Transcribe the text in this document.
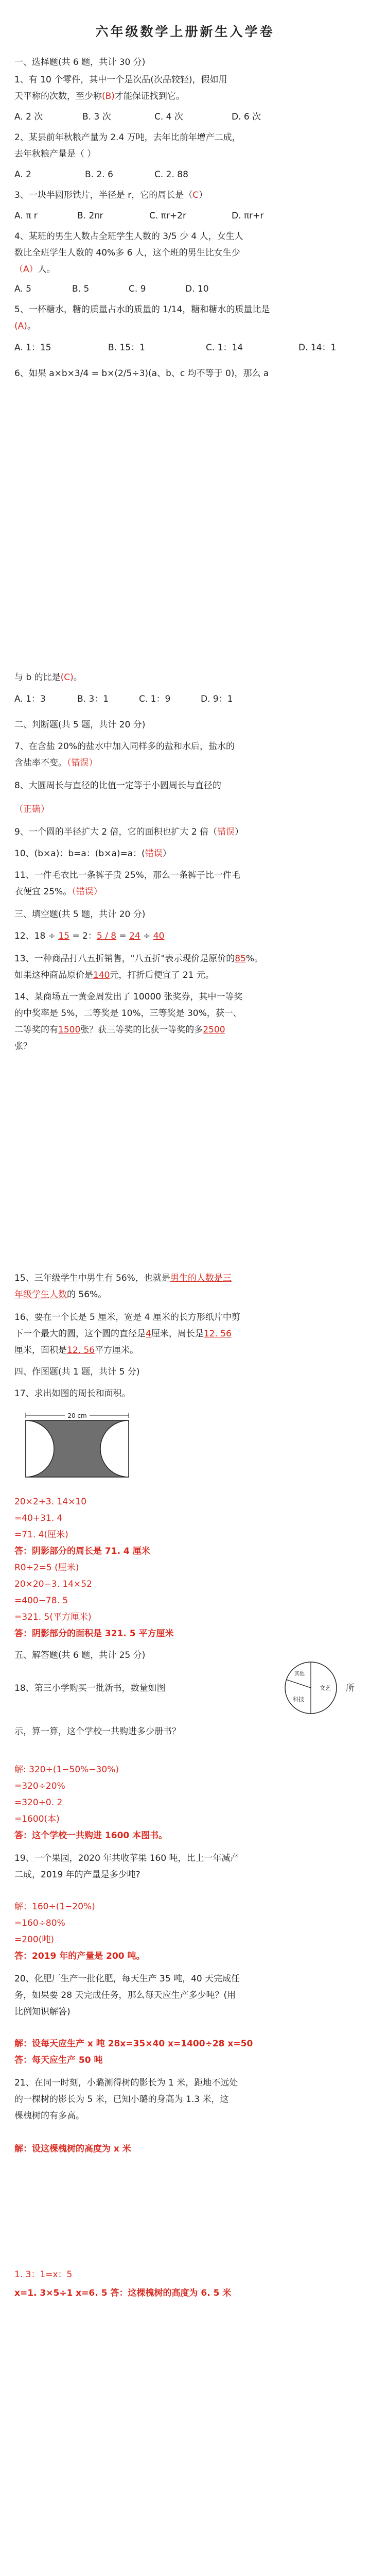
六年级数学上册新生入学卷
一、选择题(共 6 题，共计 30 分)
1、有 10 个零件，其中一个是次品(次品较轻)，假如用
天平称的次数，至少称(B)才能保证找到它。
A. 2 次	B. 3 次	C. 4 次	D. 6 次
2、某县前年秋粮产量为 2.4 万吨，去年比前年增产二成，
去年秋粮产量是（ ）
A. 2	B. 2. 6	C. 2. 88
3、一块半圆形铁片，半径是 r，它的周长是（C）
A. π r	B. 2πr	C. πr+2r	D. πr+r
4、某班的男生人数占全班学生人数的 3/5 少 4 人，女生人
数比全班学生人数的 40%多 6 人，这个班的男生比女生少
（A）人。
A. 5	B. 5	C. 9	D. 10
5、一杯糖水，糖的质量占水的质量的 1/14，糖和糖水的质量比是
(A)。
A. 1：15	B. 15：1	C. 1：14	D. 14：1
6、如果 a×b×3/4 = b×(2/5÷3)(a、b、c 均不等于 0)，那么 a
与 b 的比是(C)。
A. 1：3	B. 3：1	C. 1：9	D. 9：1
二、判断题(共 5 题，共计 20 分)
7、在含盐 20%的盐水中加入同样多的盐和水后，盐水的
含盐率不变。（错误）
8、大圆周长与直径的比值一定等于小圆周长与直径的
（正确）
9、一个圆的半径扩大 2 倍，它的面积也扩大 2 倍（错误）
10、(b×a)：b=a：(b×a)=a：(错误）
11、一件毛衣比一条裤子贵 25%，那么一条裤子比一件毛
衣便宜 25%。（错误）
三、填空题(共 5 题，共计 20 分)
12、18 ÷ 15 = 2：5 / 8 = 24 ÷ 40
13、一种商品打八五折销售，"八五折"表示现价是原价的85%。
如果这种商品原价是140元，打折后便宜了 21 元。
14、某商场五一黄金周发出了 10000 张奖券，其中一等奖
的中奖率是 5%，二等奖是 10%，三等奖是 30%，获一、
二等奖的有1500张？获三等奖的比获一等奖的多2500
张？
15、三年级学生中男生有 56%，也就是男生的人数是三
年级学生人数的 56%。
16、要在一个长是 5 厘米，宽是 4 厘米的长方形纸片中剪
下一个最大的圆，这个圆的直径是4厘米，周长是12. 56
厘米，面积是12. 56平方厘米。
四、作图题(共 1 题，共计 5 分)
17、求出如图的周长和面积。
20 cm
20×2+3. 14×10
=40+31. 4
=71. 4(厘米)
答：阴影部分的周长是 71. 4 厘米
R0÷2=5 (厘米)
20×20−3. 14×52
=400−78. 5
=321. 5(平方厘米)
答：阴影部分的面积是 321. 5 平方厘米
五、解答题(共 6 题，共计 25 分)
18、第三小学购买一批新书，数量如图	文艺
科技
其他
所
示，算一算，这个学校一共购进多少册书？
解: 320÷(1−50%−30%)
=320÷20%
=320÷0. 2
=1600(本)
答：这个学校一共购进 1600 本图书。
19、一个果园，2020 年共收苹果 160 吨，比上一年减产
二成，2019 年的产量是多少吨?
解：160÷(1−20%)
=160÷80%
=200(吨)
答：2019 年的产量是 200 吨。
20、化肥厂生产一批化肥，每天生产 35 吨，40 天完成任
务，如果要 28 天完成任务，那么每天应生产多少吨？(用
比例知识解答)
解：设每天应生产 x 吨 28x=35×40 x=1400÷28 x=50
答：每天应生产 50 吨
21、在同一时刻，小璐测得树的影长为 1 米，距地不远处
的一棵树的影长为 5 米，已知小璐的身高为 1.3 米，这
棵槐树的有多高。
解：设这棵槐树的高度为 x 米
1. 3：1=x：5
x=1. 3×5÷1 x=6. 5 答：这棵槐树的高度为 6. 5 米
